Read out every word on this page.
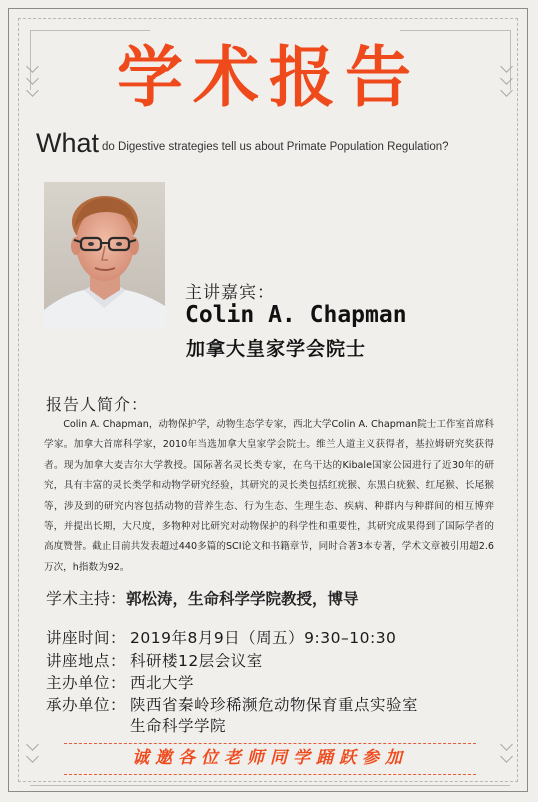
学术报告
What do Digestive strategies tell us about Primate Population Regulation?
主讲嘉宾：
Colin A. Chapman
加拿大皇家学会院士
报告人简介：
Colin A. Chapman，动物保护学，动物生态学专家，西北大学Colin A. Chapman院士工作室首席科学家。加拿大首席科学家，2010年当选加拿大皇家学会院士。维兰人道主义获得者，基拉姆研究奖获得者。现为加拿大麦吉尔大学教授。国际著名灵长类专家，在乌干达的Kibale国家公园进行了近30年的研究，具有丰富的灵长类学和动物学研究经验，其研究的灵长类包括红疣猴、东黑白疣猴、红尾猴、长尾猴等，涉及到的研究内容包括动物的营养生态、行为生态、生理生态、疾病、种群内与种群间的相互博弈等，并提出长期，大尺度，多物种对比研究对动物保护的科学性和重要性，其研究成果得到了国际学者的高度赞誉。截止目前共发表超过440多篇的SCI论文和书籍章节，同时合著3本专著，学术文章被引用超2.6万次，h指数为92。
学术主持：郭松涛，生命科学学院教授，博导
讲座时间： 2019年8月9日（周五）9:30–10:30
讲座地点： 科研楼12层会议室
主办单位： 西北大学
承办单位： 陕西省秦岭珍稀濒危动物保育重点实验室
生命科学学院
诚邀各位老师同学踊跃参加
